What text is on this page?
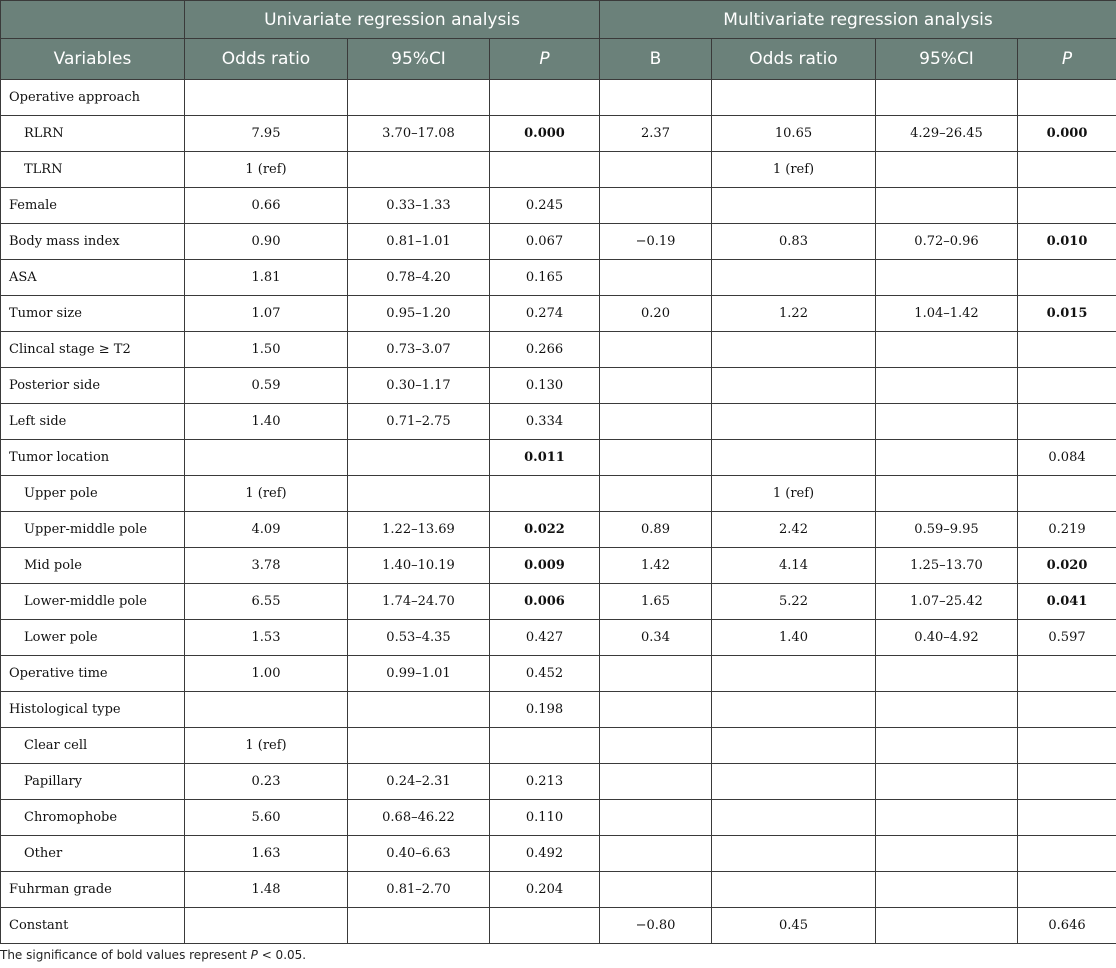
	Univariate regression analysis			Multivariate regression analysis			
Variables	Odds ratio	95%CI	P	B	Odds ratio	95%CI	P
Operative approach							
RLRN	7.95	3.70–17.08	0.000	2.37	10.65	4.29–26.45	0.000
TLRN	1 (ref)				1 (ref)		
Female	0.66	0.33–1.33	0.245				
Body mass index	0.90	0.81–1.01	0.067	−0.19	0.83	0.72–0.96	0.010
ASA	1.81	0.78–4.20	0.165				
Tumor size	1.07	0.95–1.20	0.274	0.20	1.22	1.04–1.42	0.015
Clincal stage ≥ T2	1.50	0.73–3.07	0.266				
Posterior side	0.59	0.30–1.17	0.130				
Left side	1.40	0.71–2.75	0.334				
Tumor location			0.011				0.084
Upper pole	1 (ref)				1 (ref)		
Upper-middle pole	4.09	1.22–13.69	0.022	0.89	2.42	0.59–9.95	0.219
Mid pole	3.78	1.40–10.19	0.009	1.42	4.14	1.25–13.70	0.020
Lower-middle pole	6.55	1.74–24.70	0.006	1.65	5.22	1.07–25.42	0.041
Lower pole	1.53	0.53–4.35	0.427	0.34	1.40	0.40–4.92	0.597
Operative time	1.00	0.99–1.01	0.452				
Histological type			0.198				
Clear cell	1 (ref)						
Papillary	0.23	0.24–2.31	0.213				
Chromophobe	5.60	0.68–46.22	0.110				
Other	1.63	0.40–6.63	0.492				
Fuhrman grade	1.48	0.81–2.70	0.204				
Constant				−0.80	0.45		0.646
The significance of bold values represent P < 0.05.
